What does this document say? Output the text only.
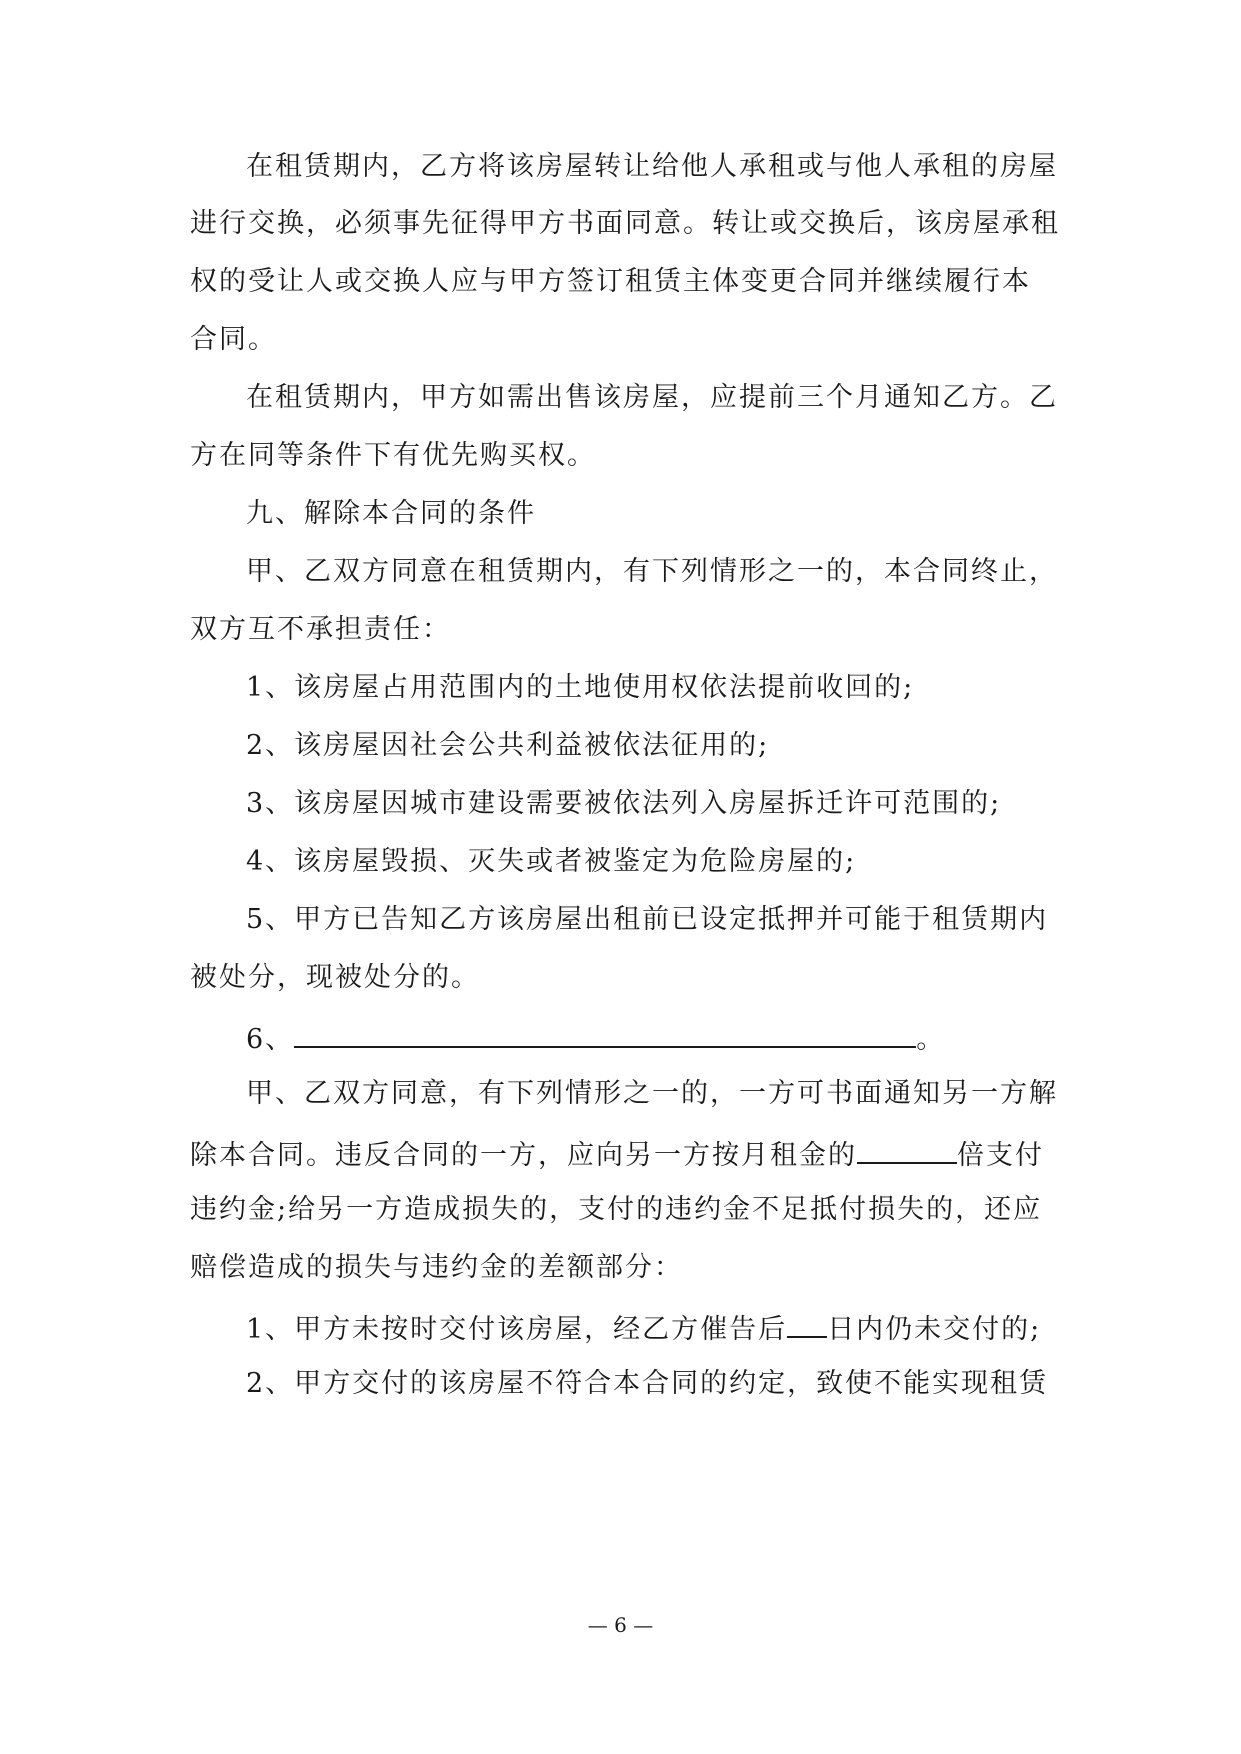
在租赁期内，乙方将该房屋转让给他人承租或与他人承租的房屋
进行交换，必须事先征得甲方书面同意。转让或交换后，该房屋承租
权的受让人或交换人应与甲方签订租赁主体变更合同并继续履行本
合同。
在租赁期内，甲方如需出售该房屋，应提前三个月通知乙方。乙
方在同等条件下有优先购买权。
九、解除本合同的条件
甲、乙双方同意在租赁期内，有下列情形之一的，本合同终止，
双方互不承担责任：
1、该房屋占用范围内的土地使用权依法提前收回的;
2、该房屋因社会公共利益被依法征用的;
3、该房屋因城市建设需要被依法列入房屋拆迁许可范围的;
4、该房屋毁损、灭失或者被鉴定为危险房屋的;
5、甲方已告知乙方该房屋出租前已设定抵押并可能于租赁期内
被处分，现被处分的。
6、	。
甲、乙双方同意，有下列情形之一的，一方可书面通知另一方解
除本合同。违反合同的一方，应向另一方按月租金的	倍支付
违约金;给另一方造成损失的，支付的违约金不足抵付损失的，还应
赔偿造成的损失与违约金的差额部分：
1、甲方未按时交付该房屋，经乙方催告后 日内仍未交付的;
2、甲方交付的该房屋不符合本合同的约定，致使不能实现租赁
— 6 —
